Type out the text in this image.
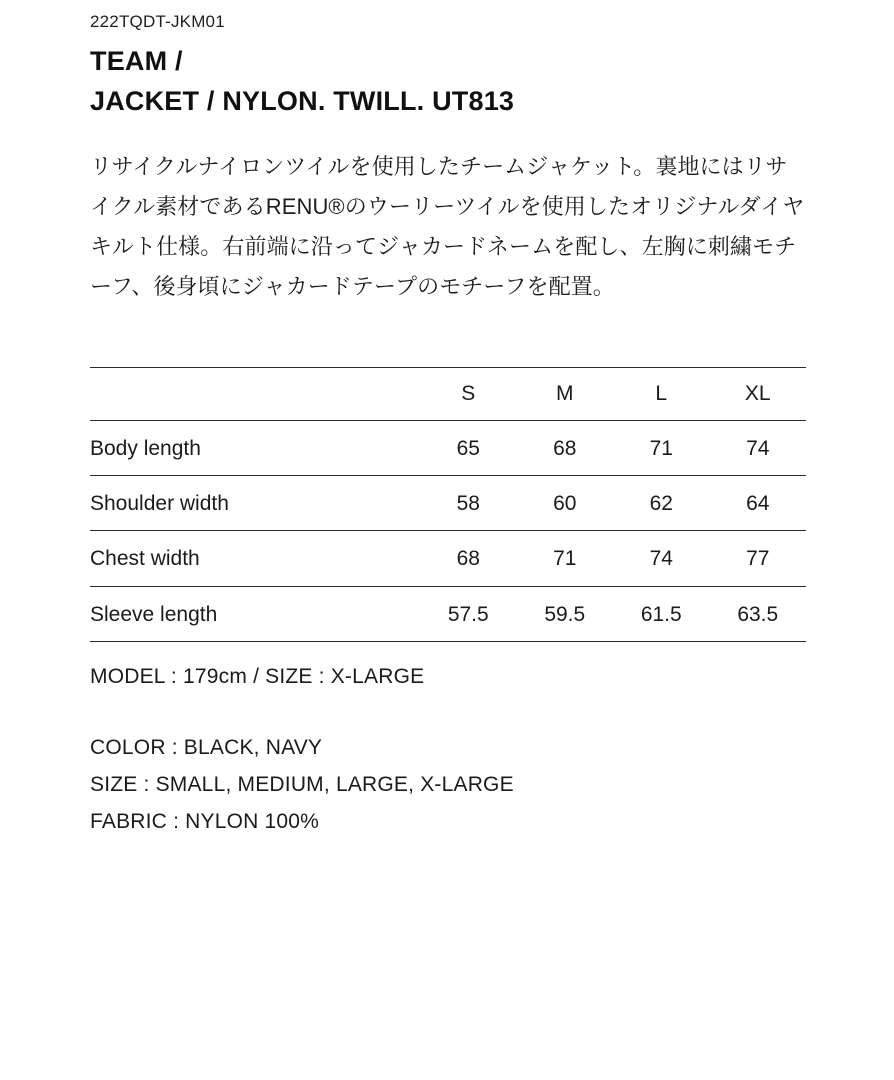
222TQDT-JKM01
TEAM /
JACKET / NYLON. TWILL. UT813

リサイクルナイロンツイルを使用したチームジャケット。裏地にはリサイクル素材であるRENU®のウーリーツイルを使用したオリジナルダイヤキルト仕様。右前端に沿ってジャカードネームを配し、左胸に刺繍モチーフ、後身頃にジャカードテープのモチーフを配置。

	S	M	L	XL
Body length	65	68	71	74
Shoulder width	58	60	62	64
Chest width	68	71	74	77
Sleeve length	57.5	59.5	61.5	63.5

MODEL : 179cm / SIZE : X-LARGE

COLOR : BLACK, NAVY

SIZE : SMALL, MEDIUM, LARGE, X-LARGE

FABRIC : NYLON 100%
